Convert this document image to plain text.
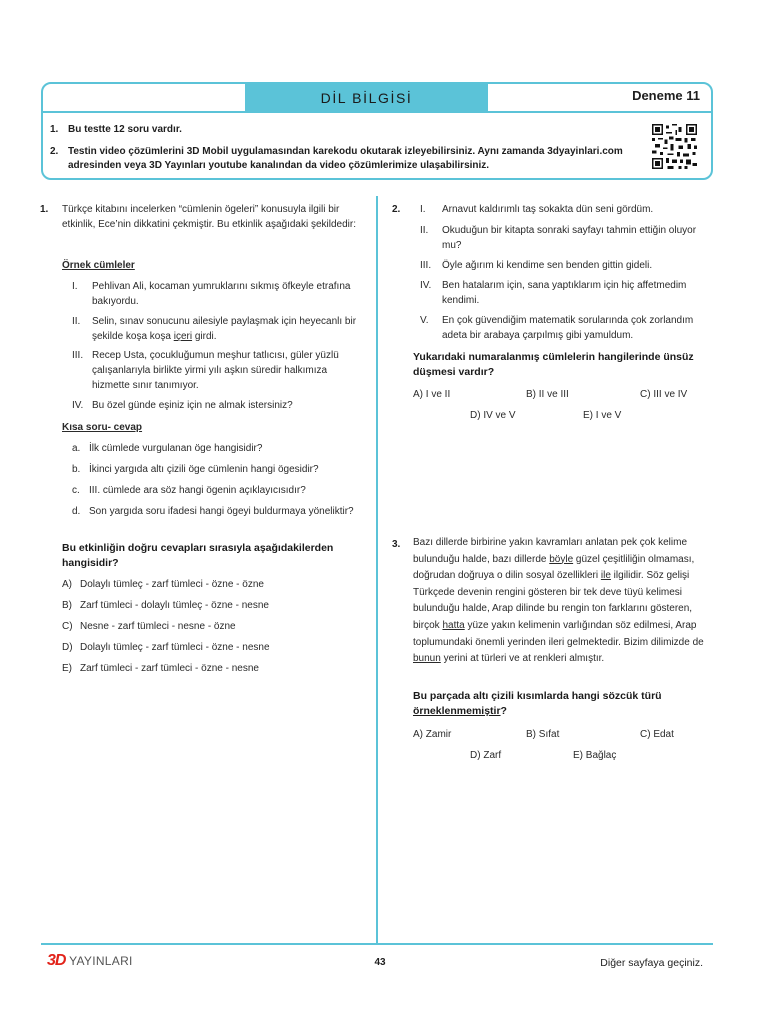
DİL BİLGİSİ	Deneme 11
1. Bu testte 12 soru vardır.
2. Testin video çözümlerini 3D Mobil uygulamasından karekodu okutarak izleyebilirsiniz. Aynı zamanda 3dyayinlari.com adresinden veya 3D Yayınları youtube kanalından da video çözümlerimize ulaşabilirsiniz.
1. Türkçe kitabını incelerken “cümlenin ögeleri” konusuyla ilgili bir etkinlik, Ece’nin dikkatini çekmiştir. Bu etkinlik aşağıdaki şekildedir:
Örnek cümleler
I. Pehlivan Ali, kocaman yumruklarını sıkmış öfkeyle etrafına bakıyordu.
II. Selin, sınav sonucunu ailesiyle paylaşmak için heyecanlı bir şekilde koşa koşa içeri girdi.
III. Recep Usta, çocukluğumun meşhur tatlıcısı, güler yüzlü çalışanlarıyla birlikte yirmi yılı aşkın süredir halkımıza hizmette sınır tanımıyor.
IV. Bu özel günde eşiniz için ne almak istersiniz?
Kısa soru- cevap
a. İlk cümlede vurgulanan öge hangisidir?
b. İkinci yargıda altı çizili öge cümlenin hangi ögesidir?
c. III. cümlede ara söz hangi ögenin açıklayıcısıdır?
d. Son yargıda soru ifadesi hangi ögeyi buldurmaya yöneliktir?
Bu etkinliğin doğru cevapları sırasıyla aşağıdakilerden hangisidir?
A) Dolaylı tümleç - zarf tümleci - özne - özne
B) Zarf tümleci - dolaylı tümleç - özne - nesne
C) Nesne - zarf tümleci - nesne - özne
D) Dolaylı tümleç - zarf tümleci - özne - nesne
E) Zarf tümleci - zarf tümleci - özne - nesne
2. I. Arnavut kaldırımlı taş sokakta dün seni gördüm.
II. Okuduğun bir kitapta sonraki sayfayı tahmin ettiğin oluyor mu?
III. Öyle ağırım ki kendime sen benden gittin gideli.
IV. Ben hatalarım için, sana yaptıklarım için hiç affetmedim kendimi.
V. En çok güvendiğim matematik sorularında çok zorlandım adeta bir arabaya çarpılmış gibi yamuldum.
Yukarıdaki numaralanmış cümlelerin hangilerinde ünsüz düşmesi vardır?
A) I ve II	B) II ve III	C) III ve IV
D) IV ve V	E) I ve V
3. Bazı dillerde birbirine yakın kavramları anlatan pek çok kelime bulunduğu halde, bazı dillerde böyle güzel çeşitliliğin olmaması, doğrudan doğruya o dilin sosyal özellikleri ile ilgilidir. Söz gelişi Türkçede devenin rengini gösteren bir tek deve tüyü kelimesi bulunduğu halde, Arap dilinde bu rengin ton farklarını gösteren, birçok hatta yüze yakın kelimenin varlığından söz edilmesi, Arap toplumundaki önemli yerinden ileri gelmektedir. Bizim dilimizde de bunun yerini at türleri ve at renkleri almıştır.
Bu parçada altı çizili kısımlarda hangi sözcük türü örneklenmemiştir?
A) Zamir	B) Sıfat	C) Edat
D) Zarf	E) Bağlaç
3D YAYINLARI	43	Diğer sayfaya geçiniz.
